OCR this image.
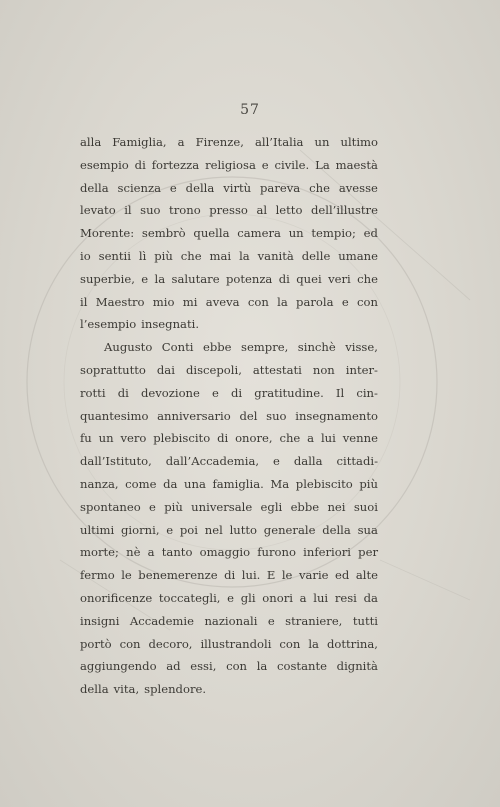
57
alla Famiglia, a Firenze, all’Italia un ultimo
esempio di fortezza religiosa e civile. La maestà
della scienza e della virtù pareva che avesse
levato il suo trono presso al letto dell’illustre
Morente: sembrò quella camera un tempio; ed
io sentii lì più che mai la vanità delle umane
superbie, e la salutare potenza di quei veri che
il Maestro mio mi aveva con la parola e con
l’esempio insegnati.
Augusto Conti ebbe sempre, sinchè visse,
soprattutto dai discepoli, attestati non inter-
rotti di devozione e di gratitudine. Il cin-
quantesimo anniversario del suo insegnamento
fu un vero plebiscito di onore, che a lui venne
dall’Istituto, dall’Accademia, e dalla cittadi-
nanza, come da una famiglia. Ma plebiscito più
spontaneo e più universale egli ebbe nei suoi
ultimi giorni, e poi nel lutto generale della sua
morte; nè a tanto omaggio furono inferiori per
fermo le benemerenze di lui. E le varie ed alte
onorificenze toccategli, e gli onori a lui resi da
insigni Accademie nazionali e straniere, tutti
portò con decoro, illustrandoli con la dottrina,
aggiungendo ad essi, con la costante dignità
della vita, splendore.
